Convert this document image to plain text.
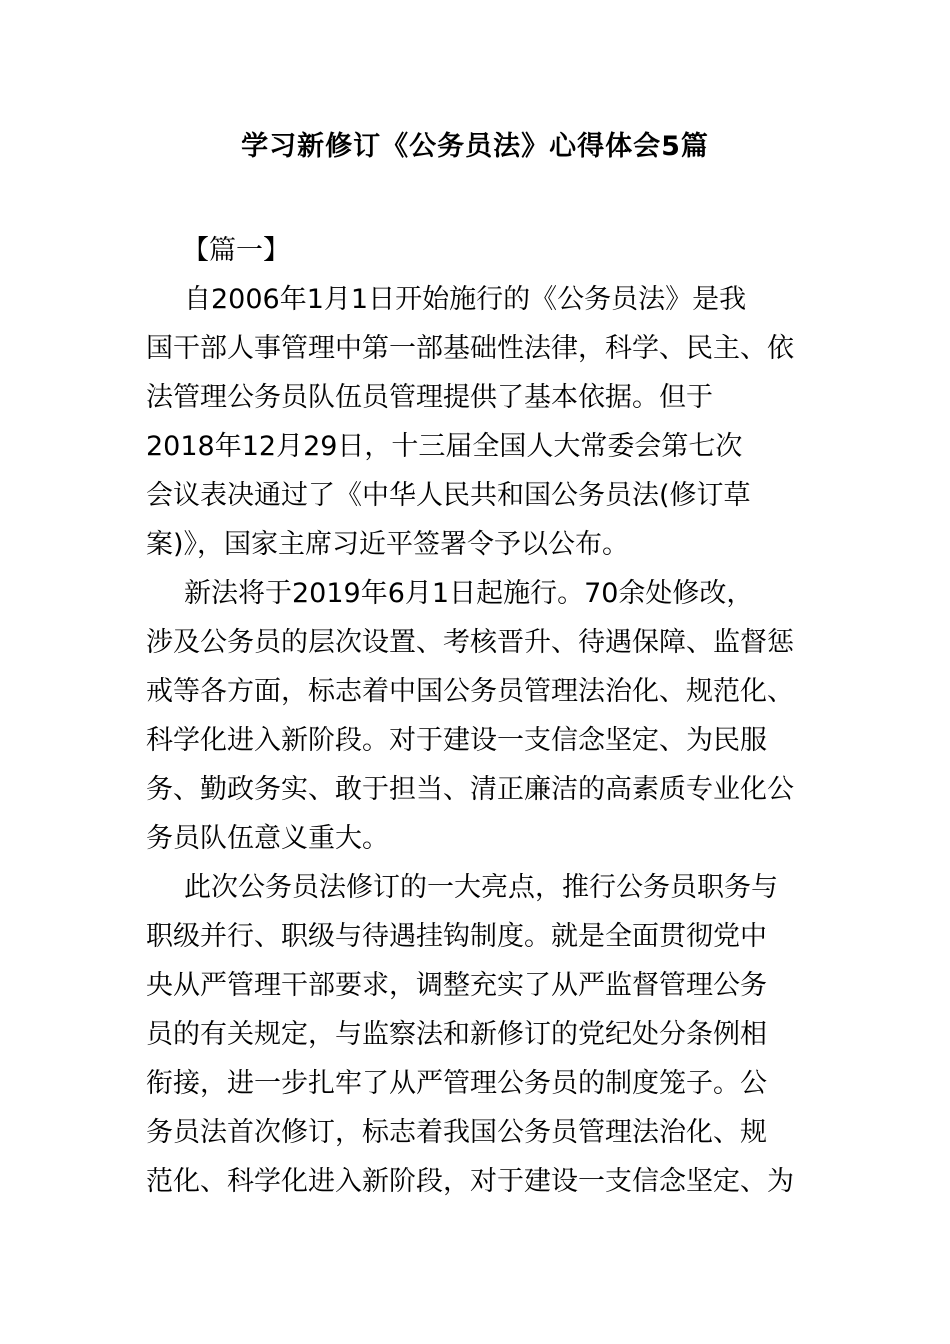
学习新修订《公务员法》心得体会5篇
【篇一】
自2006年1月1日开始施行的《公务员法》是我
国干部人事管理中第一部基础性法律，科学、民主、依
法管理公务员队伍员管理提供了基本依据。但于
2018年12月29日，十三届全国人大常委会第七次
会议表决通过了《中华人民共和国公务员法(修订草
案)》，国家主席习近平签署令予以公布。
新法将于2019年6月1日起施行。70余处修改，
涉及公务员的层次设置、考核晋升、待遇保障、监督惩
戒等各方面，标志着中国公务员管理法治化、规范化、
科学化进入新阶段。对于建设一支信念坚定、为民服
务、勤政务实、敢于担当、清正廉洁的高素质专业化公
务员队伍意义重大。
此次公务员法修订的一大亮点，推行公务员职务与
职级并行、职级与待遇挂钩制度。就是全面贯彻党中
央从严管理干部要求，调整充实了从严监督管理公务
员的有关规定，与监察法和新修订的党纪处分条例相
衔接，进一步扎牢了从严管理公务员的制度笼子。公
务员法首次修订，标志着我国公务员管理法治化、规
范化、科学化进入新阶段，对于建设一支信念坚定、为
